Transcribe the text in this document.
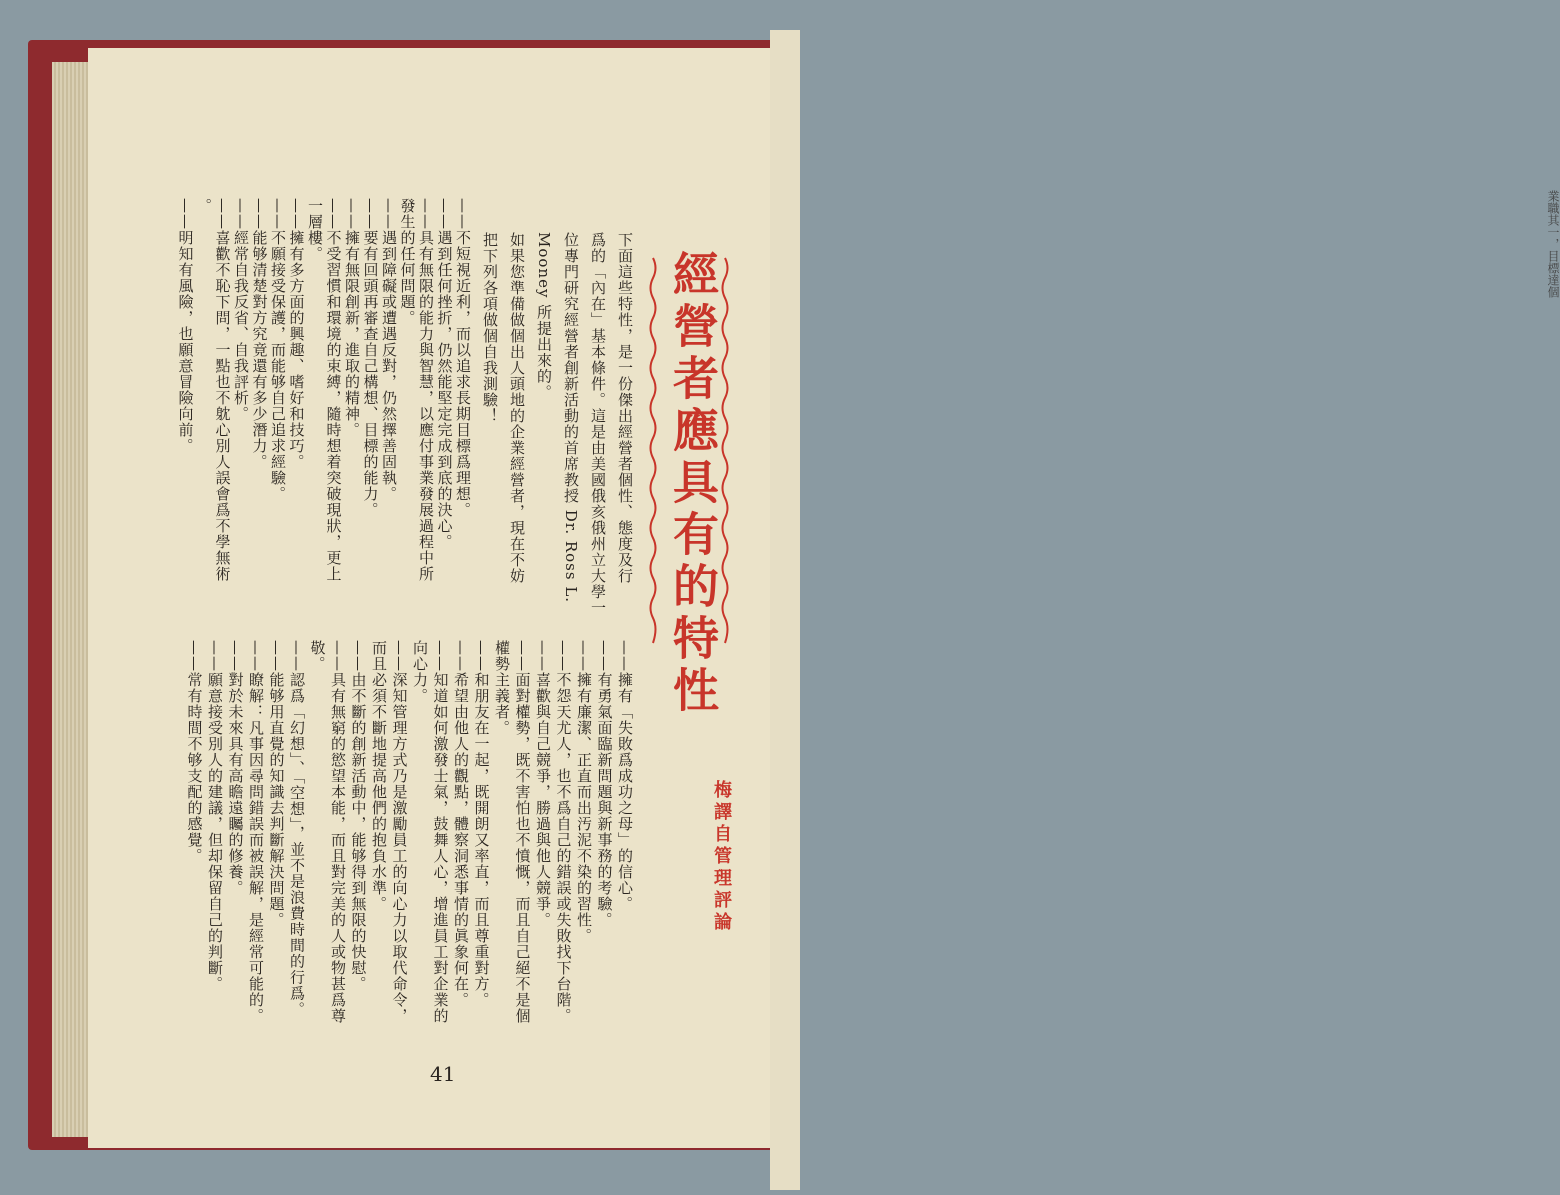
業職其一，目標達個
經營者應具有的特性
梅譯自管理評論
41
下面這些特性，是一份傑出經營者個性、態度及行
爲的「內在」基本條件。這是由美國俄亥俄州立大學一
位專門研究經營者創新活動的首席教授 Dr. Ross L.
Mooney 所提出來的。
如果您準備做個出人頭地的企業經營者，現在不妨
把下列各項做個自我測驗！
——不短視近利，而以追求長期目標爲理想。
——遇到任何挫折，仍然能堅定完成到底的決心。
——具有無限的能力與智慧，以應付事業發展過程中所
發生的任何問題。
——遇到障礙或遭遇反對，仍然擇善固執。
——要有回頭再審查自己構想、目標的能力。
——擁有無限創新，進取的精神。
——不受習慣和環境的束縛，隨時想着突破現狀，更上
一層樓。
——擁有多方面的興趣、嗜好和技巧。
——不願接受保護，而能够自己追求經驗。
——能够清楚對方究竟還有多少潛力。
——經常自我反省、自我評析。
——喜歡不恥下問，一點也不躭心別人誤會爲不學無術
。
——明知有風險，也願意冒險向前。
——擁有「失敗爲成功之母」的信心。
——有勇氣面臨新問題與新事務的考驗。
——擁有廉潔、正直而出汚泥不染的習性。
——不怨天尤人，也不爲自己的錯誤或失敗找下台階。
——喜歡與自己競爭，勝過與他人競爭。
——面對權勢，既不害怕也不憤慨，而且自己絕不是個
權勢主義者。
——和朋友在一起，既開朗又率直，而且尊重對方。
——希望由他人的觀點，體察洞悉事情的眞象何在。
——知道如何激發士氣，鼓舞人心，增進員工對企業的
向心力。
——深知管理方式乃是激勵員工的向心力以取代命令，
而且必須不斷地提高他們的抱負水準。
——由不斷的創新活動中，能够得到無限的快慰。
——具有無窮的慾望本能，而且對完美的人或物甚爲尊
敬。
——認爲「幻想」、「空想」，並不是浪費時間的行爲。
——能够用直覺的知識去判斷解決問題。
——瞭解：凡事因尋問錯誤而被誤解，是經常可能的。
——對於未來具有高瞻遠矚的修養。
——願意接受別人的建議，但却保留自己的判斷。
——常有時間不够支配的感覺。
